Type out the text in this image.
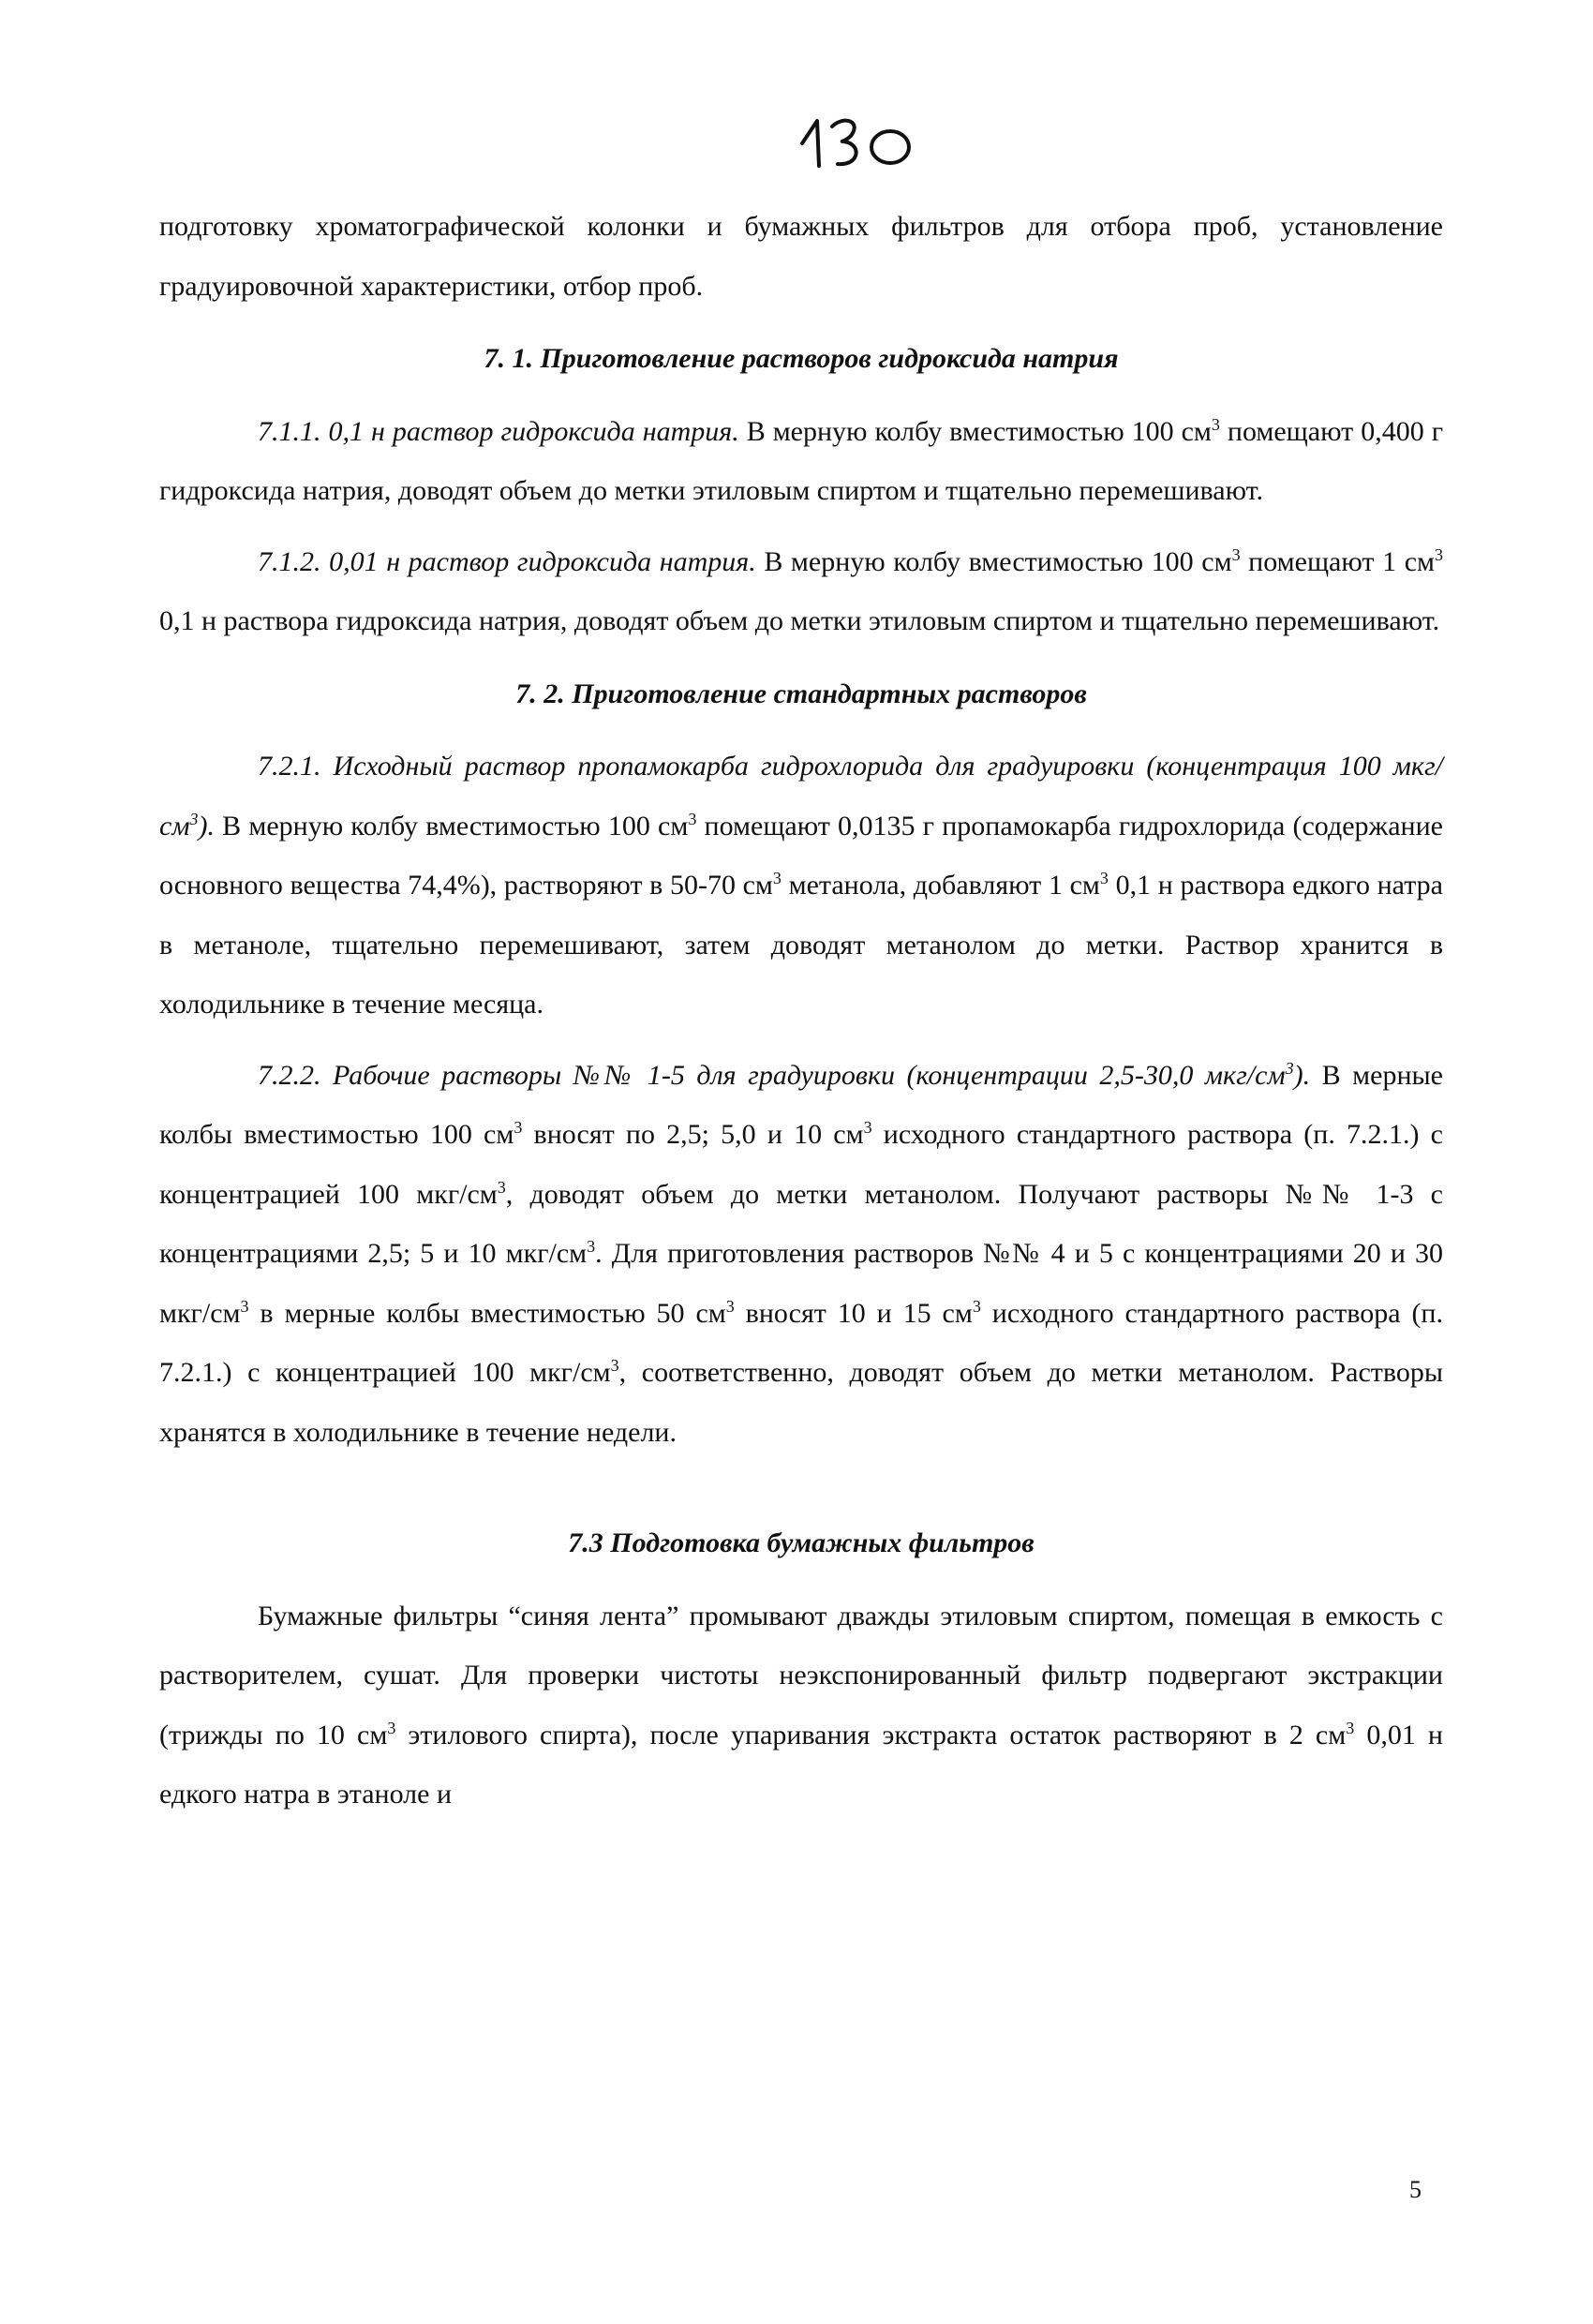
подготовку хроматографической колонки и бумажных фильтров для отбора проб, установление градуировочной характеристики, отбор проб.

7. 1. Приготовление растворов гидроксида натрия

7.1.1. 0,1 н раствор гидроксида натрия. В мерную колбу вместимостью 100 $см^3$ помещают 0,400 г гидроксида натрия, доводят объем до метки этиловым спиртом и тщательно перемешивают.

7.1.2. 0,01 н раствор гидроксида натрия. В мерную колбу вместимостью 100 $см^3$ помещают 1 $см^3$ 0,1 н раствора гидроксида натрия, доводят объем до метки этиловым спиртом и тщательно перемешивают.

7. 2. Приготовление стандартных растворов

7.2.1. Исходный раствор пропамокарба гидрохлорида для градуировки (концентрация 100 мкг/$см^3$). В мерную колбу вместимостью 100 $см^3$ помещают 0,0135 г пропамокарба гидрохлорида (содержание основного вещества 74,4%), растворяют в 50-70 $см^3$ метанола, добавляют 1 $см^3$ 0,1 н раствора едкого натра в метаноле, тщательно перемешивают, затем доводят метанолом до метки. Раствор хранится в холодильнике в течение месяца.

7.2.2. Рабочие растворы №№ 1-5 для градуировки (концентрации 2,5-30,0 мкг/$см^3$). В мерные колбы вместимостью 100 $см^3$ вносят по 2,5; 5,0 и 10 $см^3$ исходного стандартного раствора (п. 7.2.1.) с концентрацией 100 мкг/$см^3$, доводят объем до метки метанолом. Получают растворы №№ 1-3 с концентрациями 2,5; 5 и 10 мкг/$см^3$. Для приготовления растворов №№ 4 и 5 с концентрациями 20 и 30 мкг/$см^3$ в мерные колбы вместимостью 50 $см^3$ вносят 10 и 15 $см^3$ исходного стандартного раствора (п. 7.2.1.) с концентрацией 100 мкг/$см^3$, соответственно, доводят объем до метки метанолом. Растворы хранятся в холодильнике в течение недели.

7.3 Подготовка бумажных фильтров

Бумажные фильтры “синяя лента” промывают дважды этиловым спиртом, помещая в емкость с растворителем, сушат. Для проверки чистоты неэкспонированный фильтр подвергают экстракции (трижды по 10 $см^3$ этилового спирта), после упаривания экстракта остаток растворяют в 2 $см^3$ 0,01 н едкого натра в этаноле и

5
